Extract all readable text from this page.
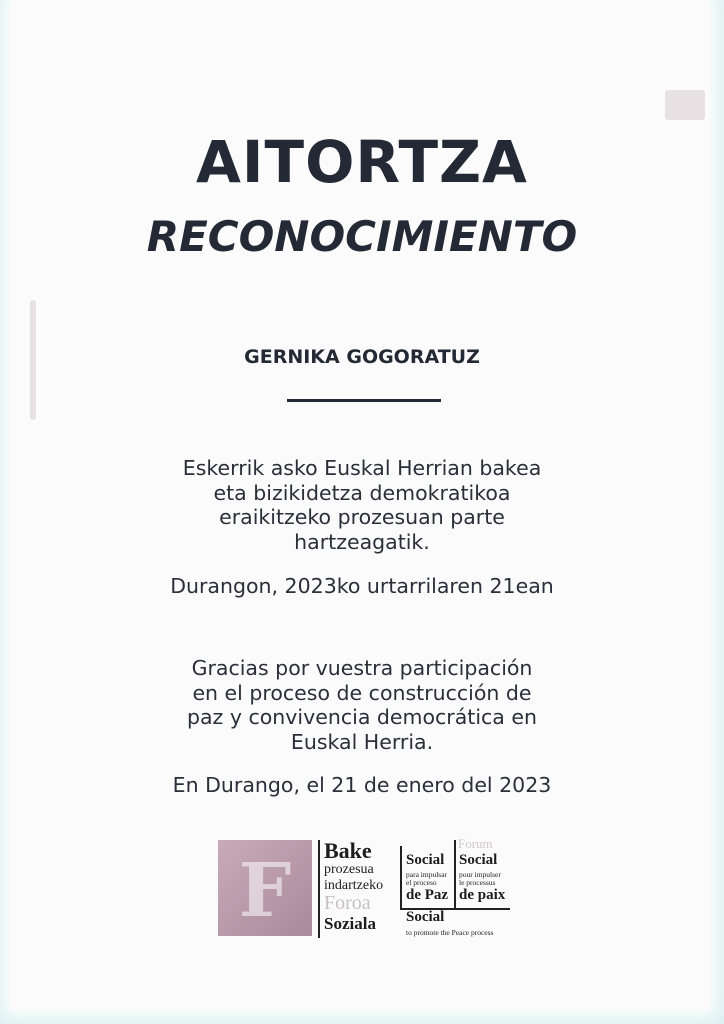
AITORTZA
RECONOCIMIENTO
GERNIKA GOGORATUZ
Eskerrik asko Euskal Herrian bakea
eta bizikidetza demokratikoa
eraikitzeko prozesuan parte
hartzeagatik.
Durangon, 2023ko urtarrilaren 21ean
Gracias por vuestra participación
en el proceso de construcción de
paz y convivencia democrática en
Euskal Herria.
En Durango, el 21 de enero del 2023
F	Bake
prozesua
indartzeko
Foroa
Soziala
Social
para impulsar
el proceso
de Paz
Forum
Social
pour impulser
le processus
de paix
Social
to promote the Peace process
